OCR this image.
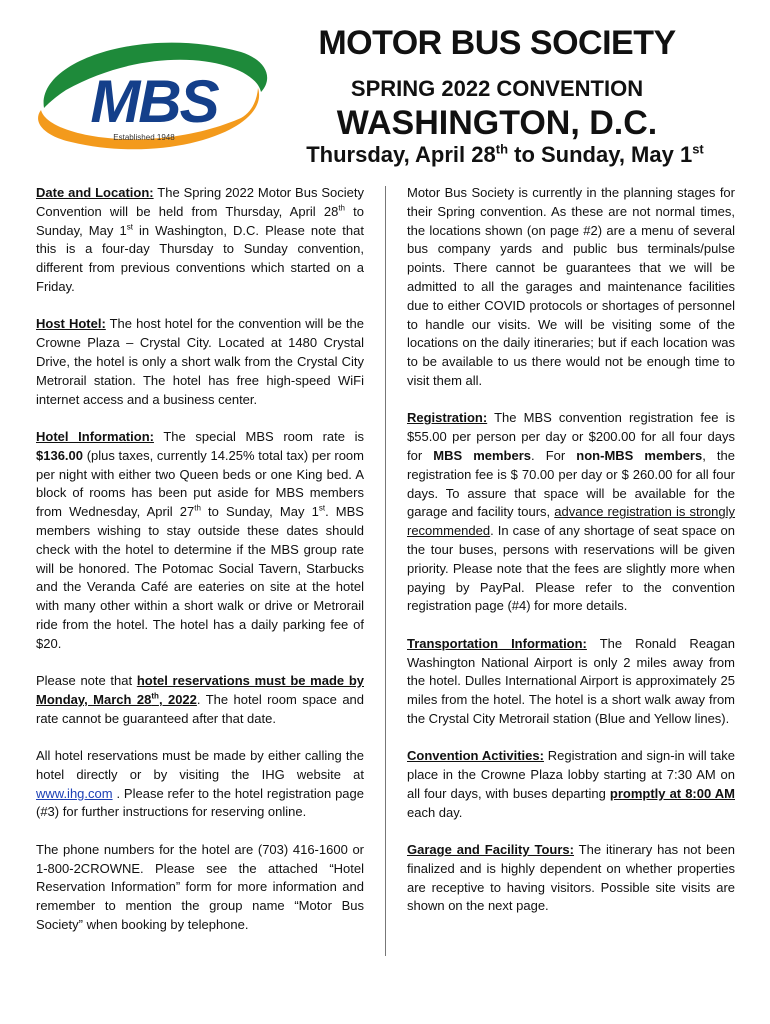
MBS
Established 1948
MOTOR BUS SOCIETY
SPRING 2022 CONVENTION
WASHINGTON, D.C.
Thursday, April 28th to Sunday, May 1st

Date and Location: The Spring 2022 Motor Bus Society Convention will be held from Thursday, April 28th to Sunday, May 1st in Washington, D.C. Please note that this is a four-day Thursday to Sunday convention, different from previous conventions which started on a Friday.

Host Hotel: The host hotel for the convention will be the Crowne Plaza – Crystal City. Located at 1480 Crystal Drive, the hotel is only a short walk from the Crystal City Metrorail station. The hotel has free high-speed WiFi internet access and a business center.

Hotel Information: The special MBS room rate is $136.00 (plus taxes, currently 14.25% total tax) per room per night with either two Queen beds or one King bed. A block of rooms has been put aside for MBS members from Wednesday, April 27th to Sunday, May 1st. MBS members wishing to stay outside these dates should check with the hotel to determine if the MBS group rate will be honored. The Potomac Social Tavern, Starbucks and the Veranda Café are eateries on site at the hotel with many other within a short walk or drive or Metrorail ride from the hotel. The hotel has a daily parking fee of $20.

Please note that hotel reservations must be made by Monday, March 28th, 2022. The hotel room space and rate cannot be guaranteed after that date.

All hotel reservations must be made by either calling the hotel directly or by visiting the IHG website at www.ihg.com . Please refer to the hotel registration page (#3) for further instructions for reserving online.

The phone numbers for the hotel are (703) 416-1600 or 1-800-2CROWNE. Please see the attached “Hotel Reservation Information” form for more information and remember to mention the group name “Motor Bus Society” when booking by telephone.

Motor Bus Society is currently in the planning stages for their Spring convention. As these are not normal times, the locations shown (on page #2) are a menu of several bus company yards and public bus terminals/pulse points. There cannot be guarantees that we will be admitted to all the garages and maintenance facilities due to either COVID protocols or shortages of personnel to handle our visits. We will be visiting some of the locations on the daily itineraries; but if each location was to be available to us there would not be enough time to visit them all.

Registration: The MBS convention registration fee is $55.00 per person per day or $200.00 for all four days for MBS members. For non-MBS members, the registration fee is $ 70.00 per day or $ 260.00 for all four days. To assure that space will be available for the garage and facility tours, advance registration is strongly recommended. In case of any shortage of seat space on the tour buses, persons with reservations will be given priority. Please note that the fees are slightly more when paying by PayPal. Please refer to the convention registration page (#4) for more details.

Transportation Information: The Ronald Reagan Washington National Airport is only 2 miles away from the hotel. Dulles International Airport is approximately 25 miles from the hotel. The hotel is a short walk away from the Crystal City Metrorail station (Blue and Yellow lines).

Convention Activities: Registration and sign-in will take place in the Crowne Plaza lobby starting at 7:30 AM on all four days, with buses departing promptly at 8:00 AM each day.

Garage and Facility Tours: The itinerary has not been finalized and is highly dependent on whether properties are receptive to having visitors. Possible site visits are shown on the next page.
